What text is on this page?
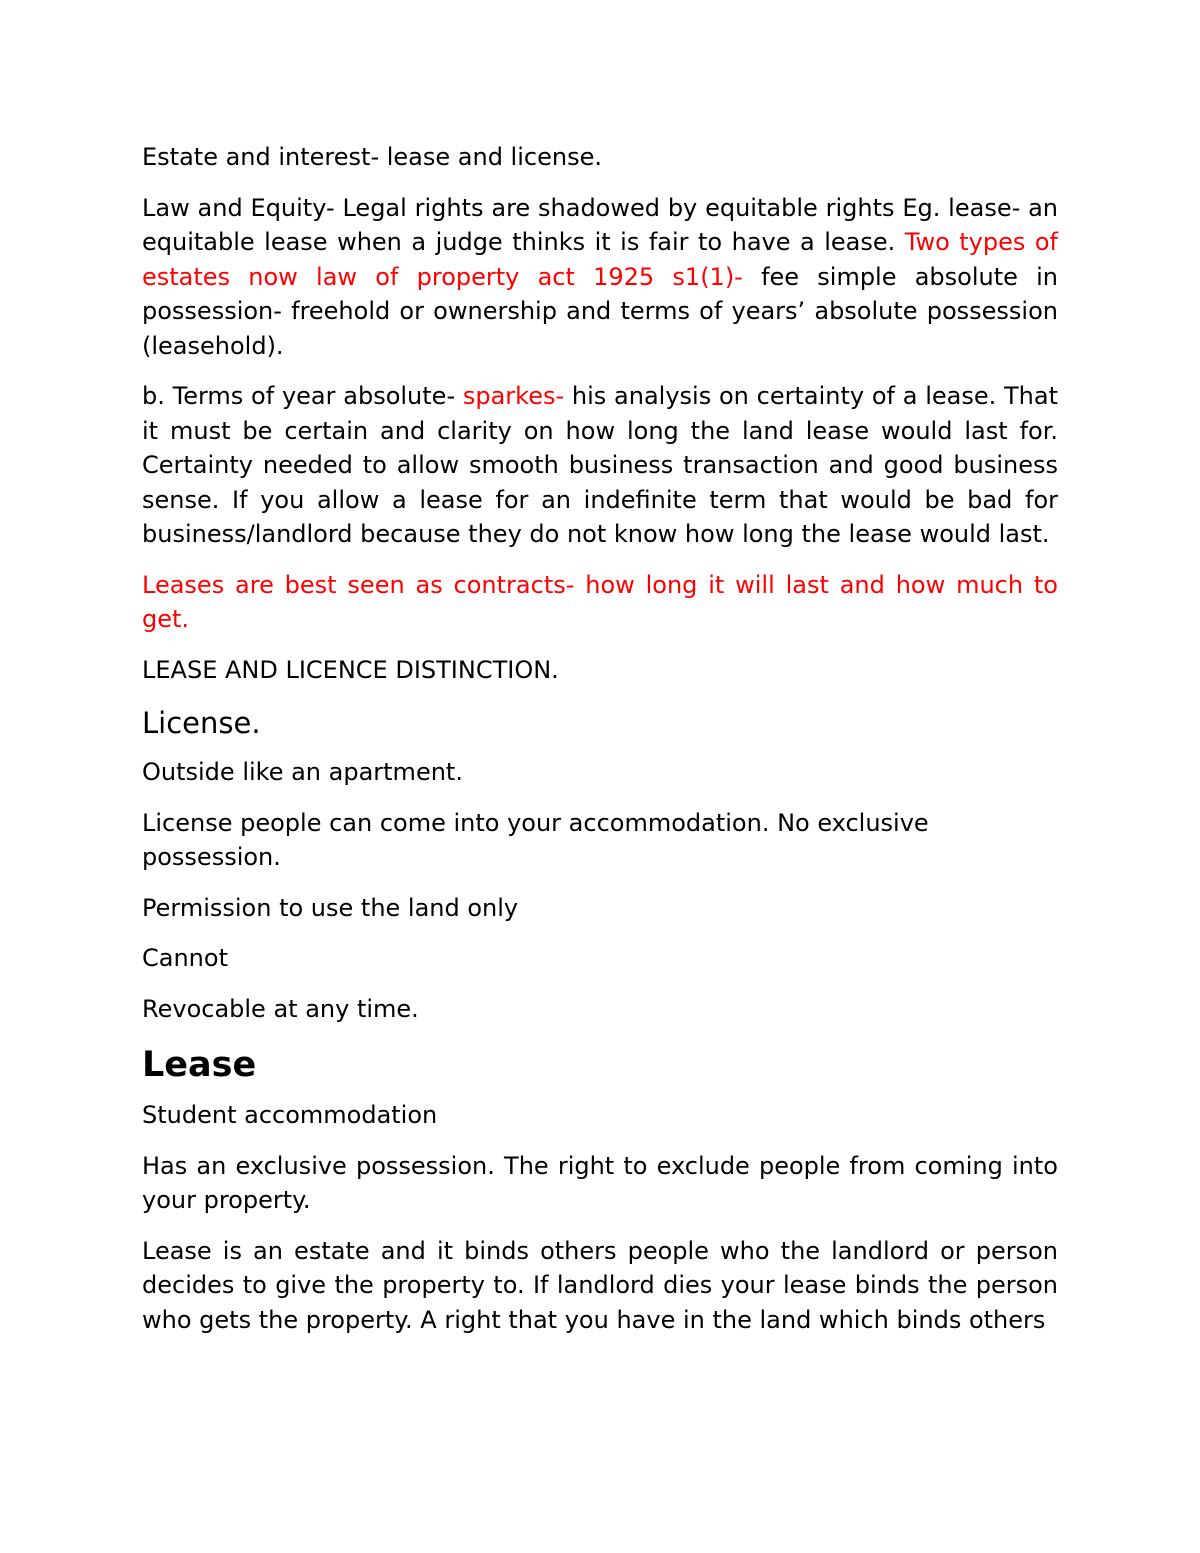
Estate and interest- lease and license.

Law and Equity- Legal rights are shadowed by equitable rights Eg. lease- an equitable lease when a judge thinks it is fair to have a lease. Two types of estates now law of property act 1925 s1(1)- fee simple absolute in possession- freehold or ownership and terms of years’ absolute possession (leasehold).

b. Terms of year absolute- sparkes- his analysis on certainty of a lease. That it must be certain and clarity on how long the land lease would last for. Certainty needed to allow smooth business transaction and good business sense. If you allow a lease for an indefinite term that would be bad for business/landlord because they do not know how long the lease would last.

Leases are best seen as contracts- how long it will last and how much to get.

LEASE AND LICENCE DISTINCTION.

License.

Outside like an apartment.

License people can come into your accommodation. No exclusive possession.

Permission to use the land only

Cannot

Revocable at any time.

Lease

Student accommodation

Has an exclusive possession. The right to exclude people from coming into your property.

Lease is an estate and it binds others people who the landlord or person decides to give the property to. If landlord dies your lease binds the person who gets the property. A right that you have in the land which binds others
